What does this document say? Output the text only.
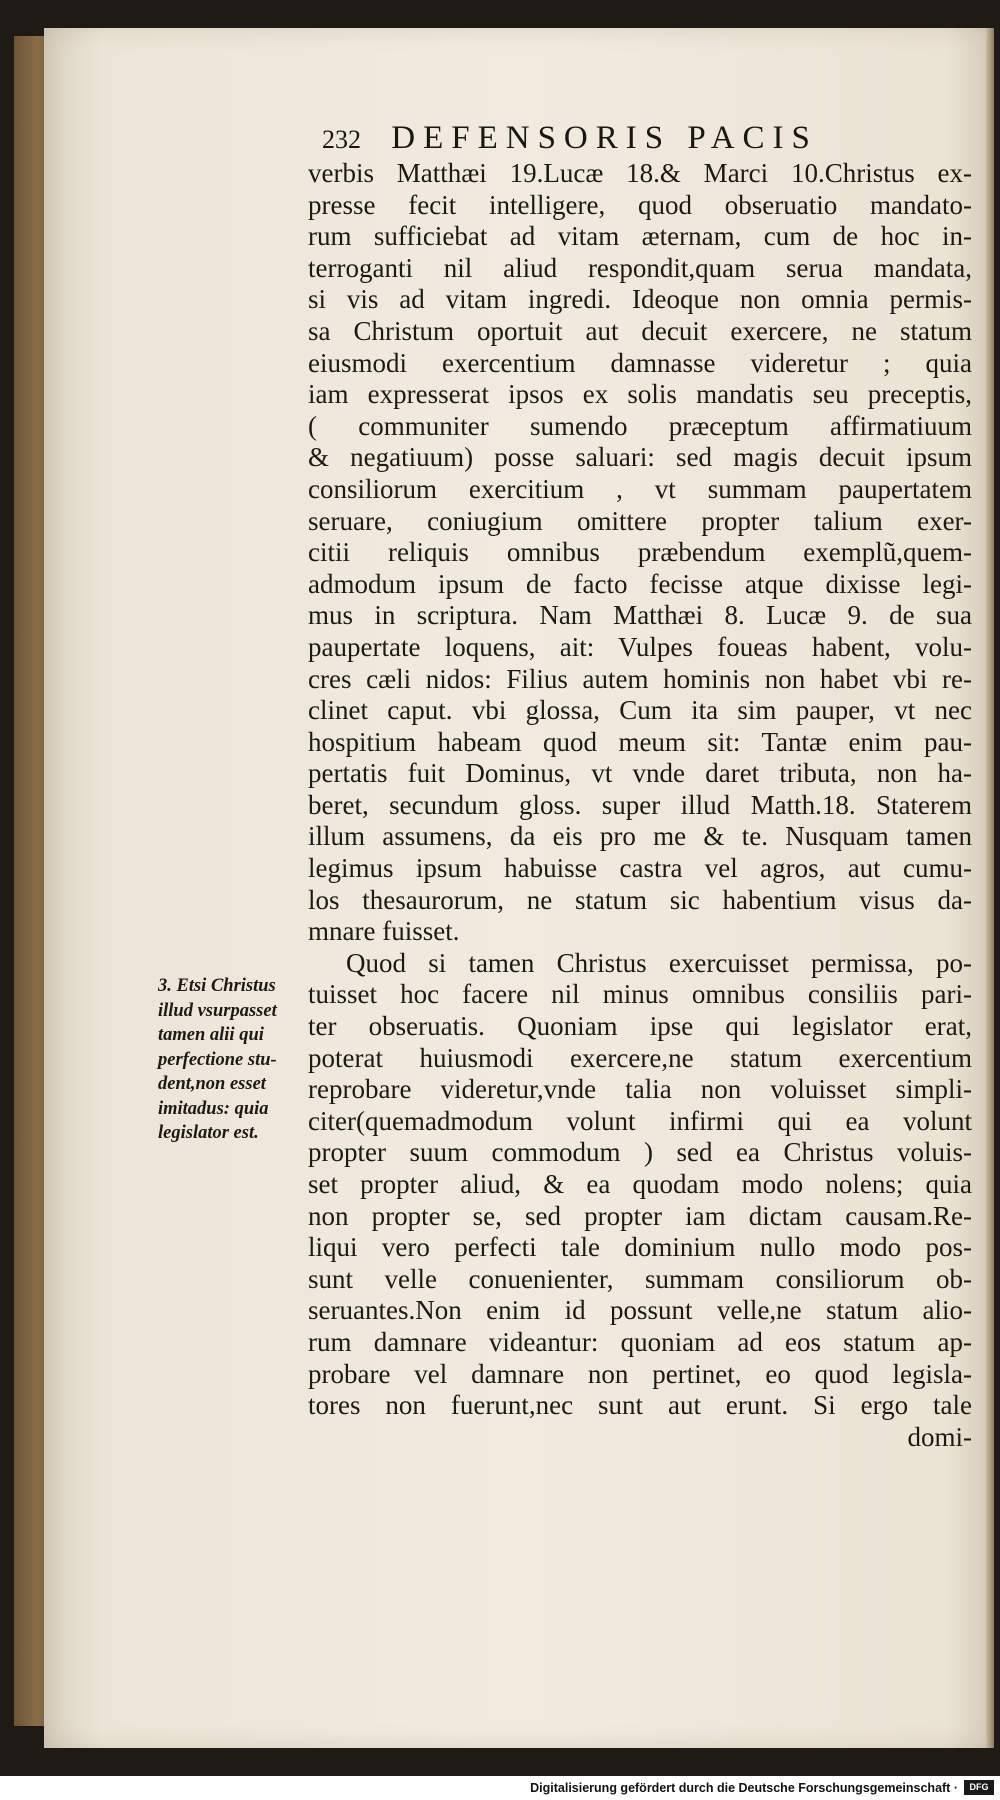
232 DEFENSORIS PACIS
verbis Matthæi 19.Lucæ 18.& Marci 10.Christus ex-
presse fecit intelligere, quod obseruatio mandato-
rum sufficiebat ad vitam æternam, cum de hoc in-
terroganti nil aliud respondit,quam serua mandata,
si vis ad vitam ingredi. Ideoque non omnia permis-
sa Christum oportuit aut decuit exercere, ne statum
eiusmodi exercentium damnasse videretur ; quia
iam expresserat ipsos ex solis mandatis seu preceptis,
( communiter sumendo præceptum affirmatiuum
& negatiuum) posse saluari: sed magis decuit ipsum
consiliorum exercitium , vt summam paupertatem
seruare, coniugium omittere propter talium exer-
citii reliquis omnibus præbendum exemplũ,quem-
admodum ipsum de facto fecisse atque dixisse legi-
mus in scriptura. Nam Matthæi 8. Lucæ 9. de sua
paupertate loquens, ait: Vulpes foueas habent, volu-
cres cæli nidos: Filius autem hominis non habet vbi re-
clinet caput. vbi glossa, Cum ita sim pauper, vt nec
hospitium habeam quod meum sit: Tantæ enim pau-
pertatis fuit Dominus, vt vnde daret tributa, non ha-
beret, secundum gloss. super illud Matth.18. Staterem
illum assumens, da eis pro me & te. Nusquam tamen
legimus ipsum habuisse castra vel agros, aut cumu-
los thesaurorum, ne statum sic habentium visus da-
mnare fuisset.
Quod si tamen Christus exercuisset permissa, po-
tuisset hoc facere nil minus omnibus consiliis pari-
ter obseruatis. Quoniam ipse qui legislator erat,
poterat huiusmodi exercere,ne statum exercentium
reprobare videretur,vnde talia non voluisset simpli-
citer(quemadmodum volunt infirmi qui ea volunt
propter suum commodum ) sed ea Christus voluis-
set propter aliud, & ea quodam modo nolens; quia
non propter se, sed propter iam dictam causam.Re-
liqui vero perfecti tale dominium nullo modo pos-
sunt velle conuenienter, summam consiliorum ob-
seruantes.Non enim id possunt velle,ne statum alio-
rum damnare videantur: quoniam ad eos statum ap-
probare vel damnare non pertinet, eo quod legisla-
tores non fuerunt,nec sunt aut erunt. Si ergo tale
domi-
3. Etsi Christus
illud vsurpasset
tamen alii qui
perfectione stu-
dent,non esset
imitadus: quia
legislator est.
Digitalisierung gefördert durch die Deutsche Forschungsgemeinschaft ·	DFG
